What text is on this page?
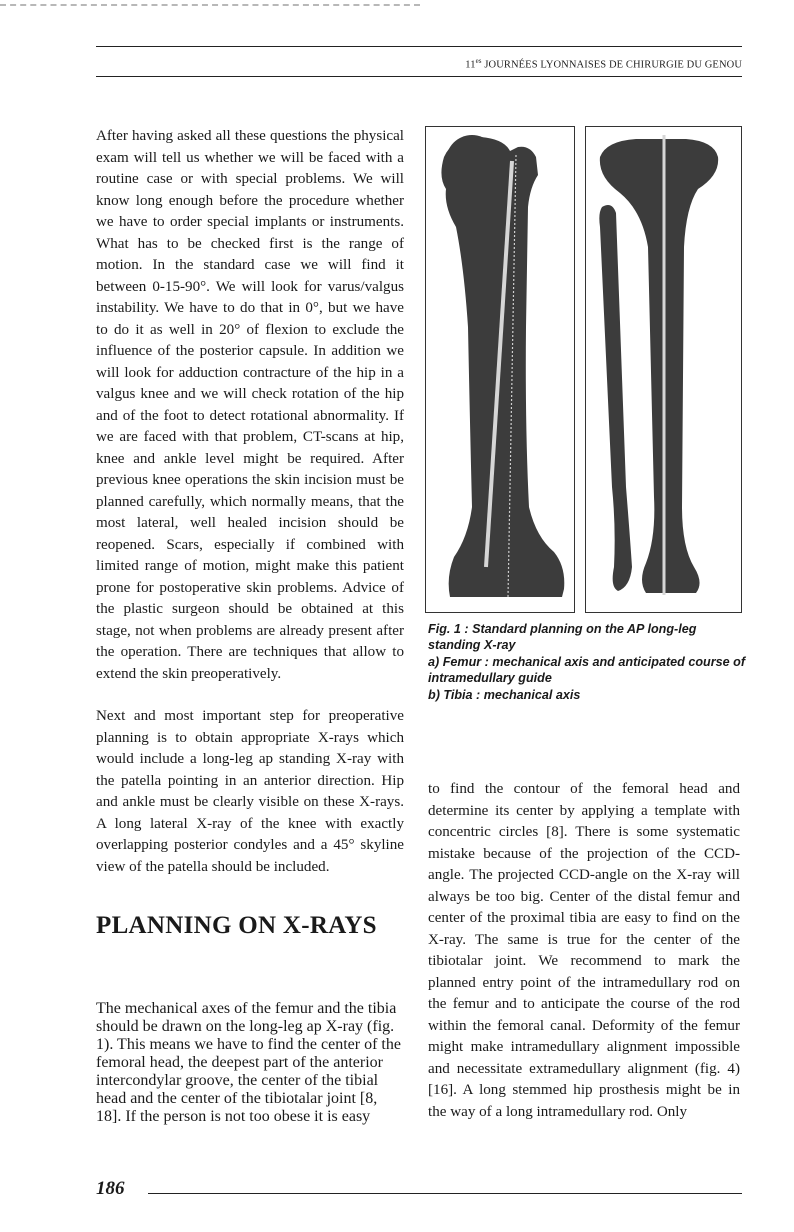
$11^{es}$ JOURNÉES LYONNAISES DE CHIRURGIE DU GENOU

After having asked all these questions the physical exam will tell us whether we will be faced with a routine case or with special problems. We will know long enough before the procedure whether we have to order special implants or instruments. What has to be checked first is the range of motion. In the standard case we will find it between 0-15-90°. We will look for varus/valgus instability. We have to do that in 0°, but we have to do it as well in 20° of flexion to exclude the influence of the posterior capsule. In addition we will look for adduction contracture of the hip in a valgus knee and we will check rotation of the hip and of the foot to detect rotational abnormality. If we are faced with that problem, CT-scans at hip, knee and ankle level might be required. After previous knee operations the skin incision must be planned carefully, which normally means, that the most lateral, well healed incision should be reopened. Scars, especially if combined with limited range of motion, might make this patient prone for postoperative skin problems. Advice of the plastic surgeon should be obtained at this stage, not when problems are already present after the operation. There are techniques that allow to extend the skin preoperatively.

Next and most important step for preoperative planning is to obtain appropriate X-rays which would include a long-leg ap standing X-ray with the patella pointing in an anterior direction. Hip and ankle must be clearly visible on these X-rays. A long lateral X-ray of the knee with exactly overlapping posterior condyles and a 45° skyline view of the patella should be included.

PLANNING ON X-RAYS

The mechanical axes of the femur and the tibia should be drawn on the long-leg ap X-ray (fig. 1). This means we have to find the center of the femoral head, the deepest part of the anterior intercondylar groove, the center of the tibial head and the center of the tibiotalar joint [8, 18]. If the person is not too obese it is easy

Fig. 1 : Standard planning on the AP long-leg standing X-ray
a) Femur : mechanical axis and anticipated course of intramedullary guide
b) Tibia : mechanical axis

to find the contour of the femoral head and determine its center by applying a template with concentric circles [8]. There is some systematic mistake because of the projection of the CCD-angle. The projected CCD-angle on the X-ray will always be too big. Center of the distal femur and center of the proximal tibia are easy to find on the X-ray. The same is true for the center of the tibiotalar joint. We recommend to mark the planned entry point of the intramedullary rod on the femur and to anticipate the course of the rod within the femoral canal. Deformity of the femur might make intramedullary alignment impossible and necessitate extramedullary alignment (fig. 4) [16]. A long stemmed hip prosthesis might be in the way of a long intramedullary rod. Only

186
